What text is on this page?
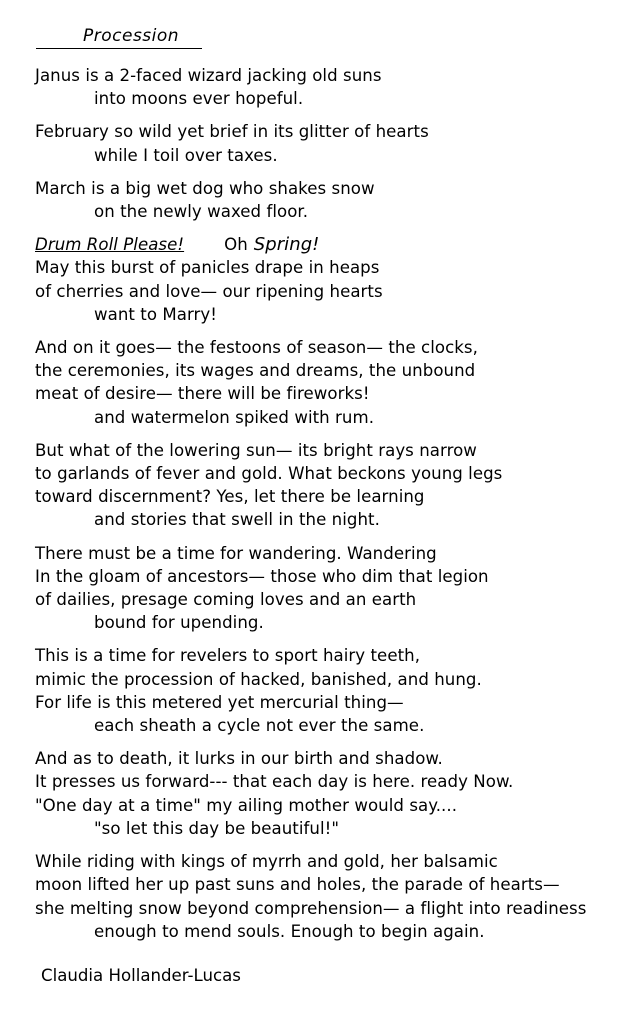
Procession
Janus is a 2-faced wizard jacking old suns
into moons ever hopeful.
February so wild yet brief in its glitter of hearts
while I toil over taxes.
March is a big wet dog who shakes snow
on the newly waxed floor.
Drum Roll Please! Oh Spring!
May this burst of panicles drape in heaps
of cherries and love— our ripening hearts
want to Marry!
And on it goes— the festoons of season— the clocks,
the ceremonies, its wages and dreams, the unbound
meat of desire— there will be fireworks!
and watermelon spiked with rum.
But what of the lowering sun— its bright rays narrow
to garlands of fever and gold. What beckons young legs
toward discernment? Yes, let there be learning
and stories that swell in the night.
There must be a time for wandering. Wandering
In the gloam of ancestors— those who dim that legion
of dailies, presage coming loves and an earth
bound for upending.
This is a time for revelers to sport hairy teeth,
mimic the procession of hacked, banished, and hung.
For life is this metered yet mercurial thing—
each sheath a cycle not ever the same.
And as to death, it lurks in our birth and shadow.
It presses us forward--- that each day is here. ready Now.
"One day at a time" my ailing mother would say....
"so let this day be beautiful!"
While riding with kings of myrrh and gold, her balsamic
moon lifted her up past suns and holes, the parade of hearts—
she melting snow beyond comprehension— a flight into readiness
enough to mend souls. Enough to begin again.
Claudia Hollander-Lucas
